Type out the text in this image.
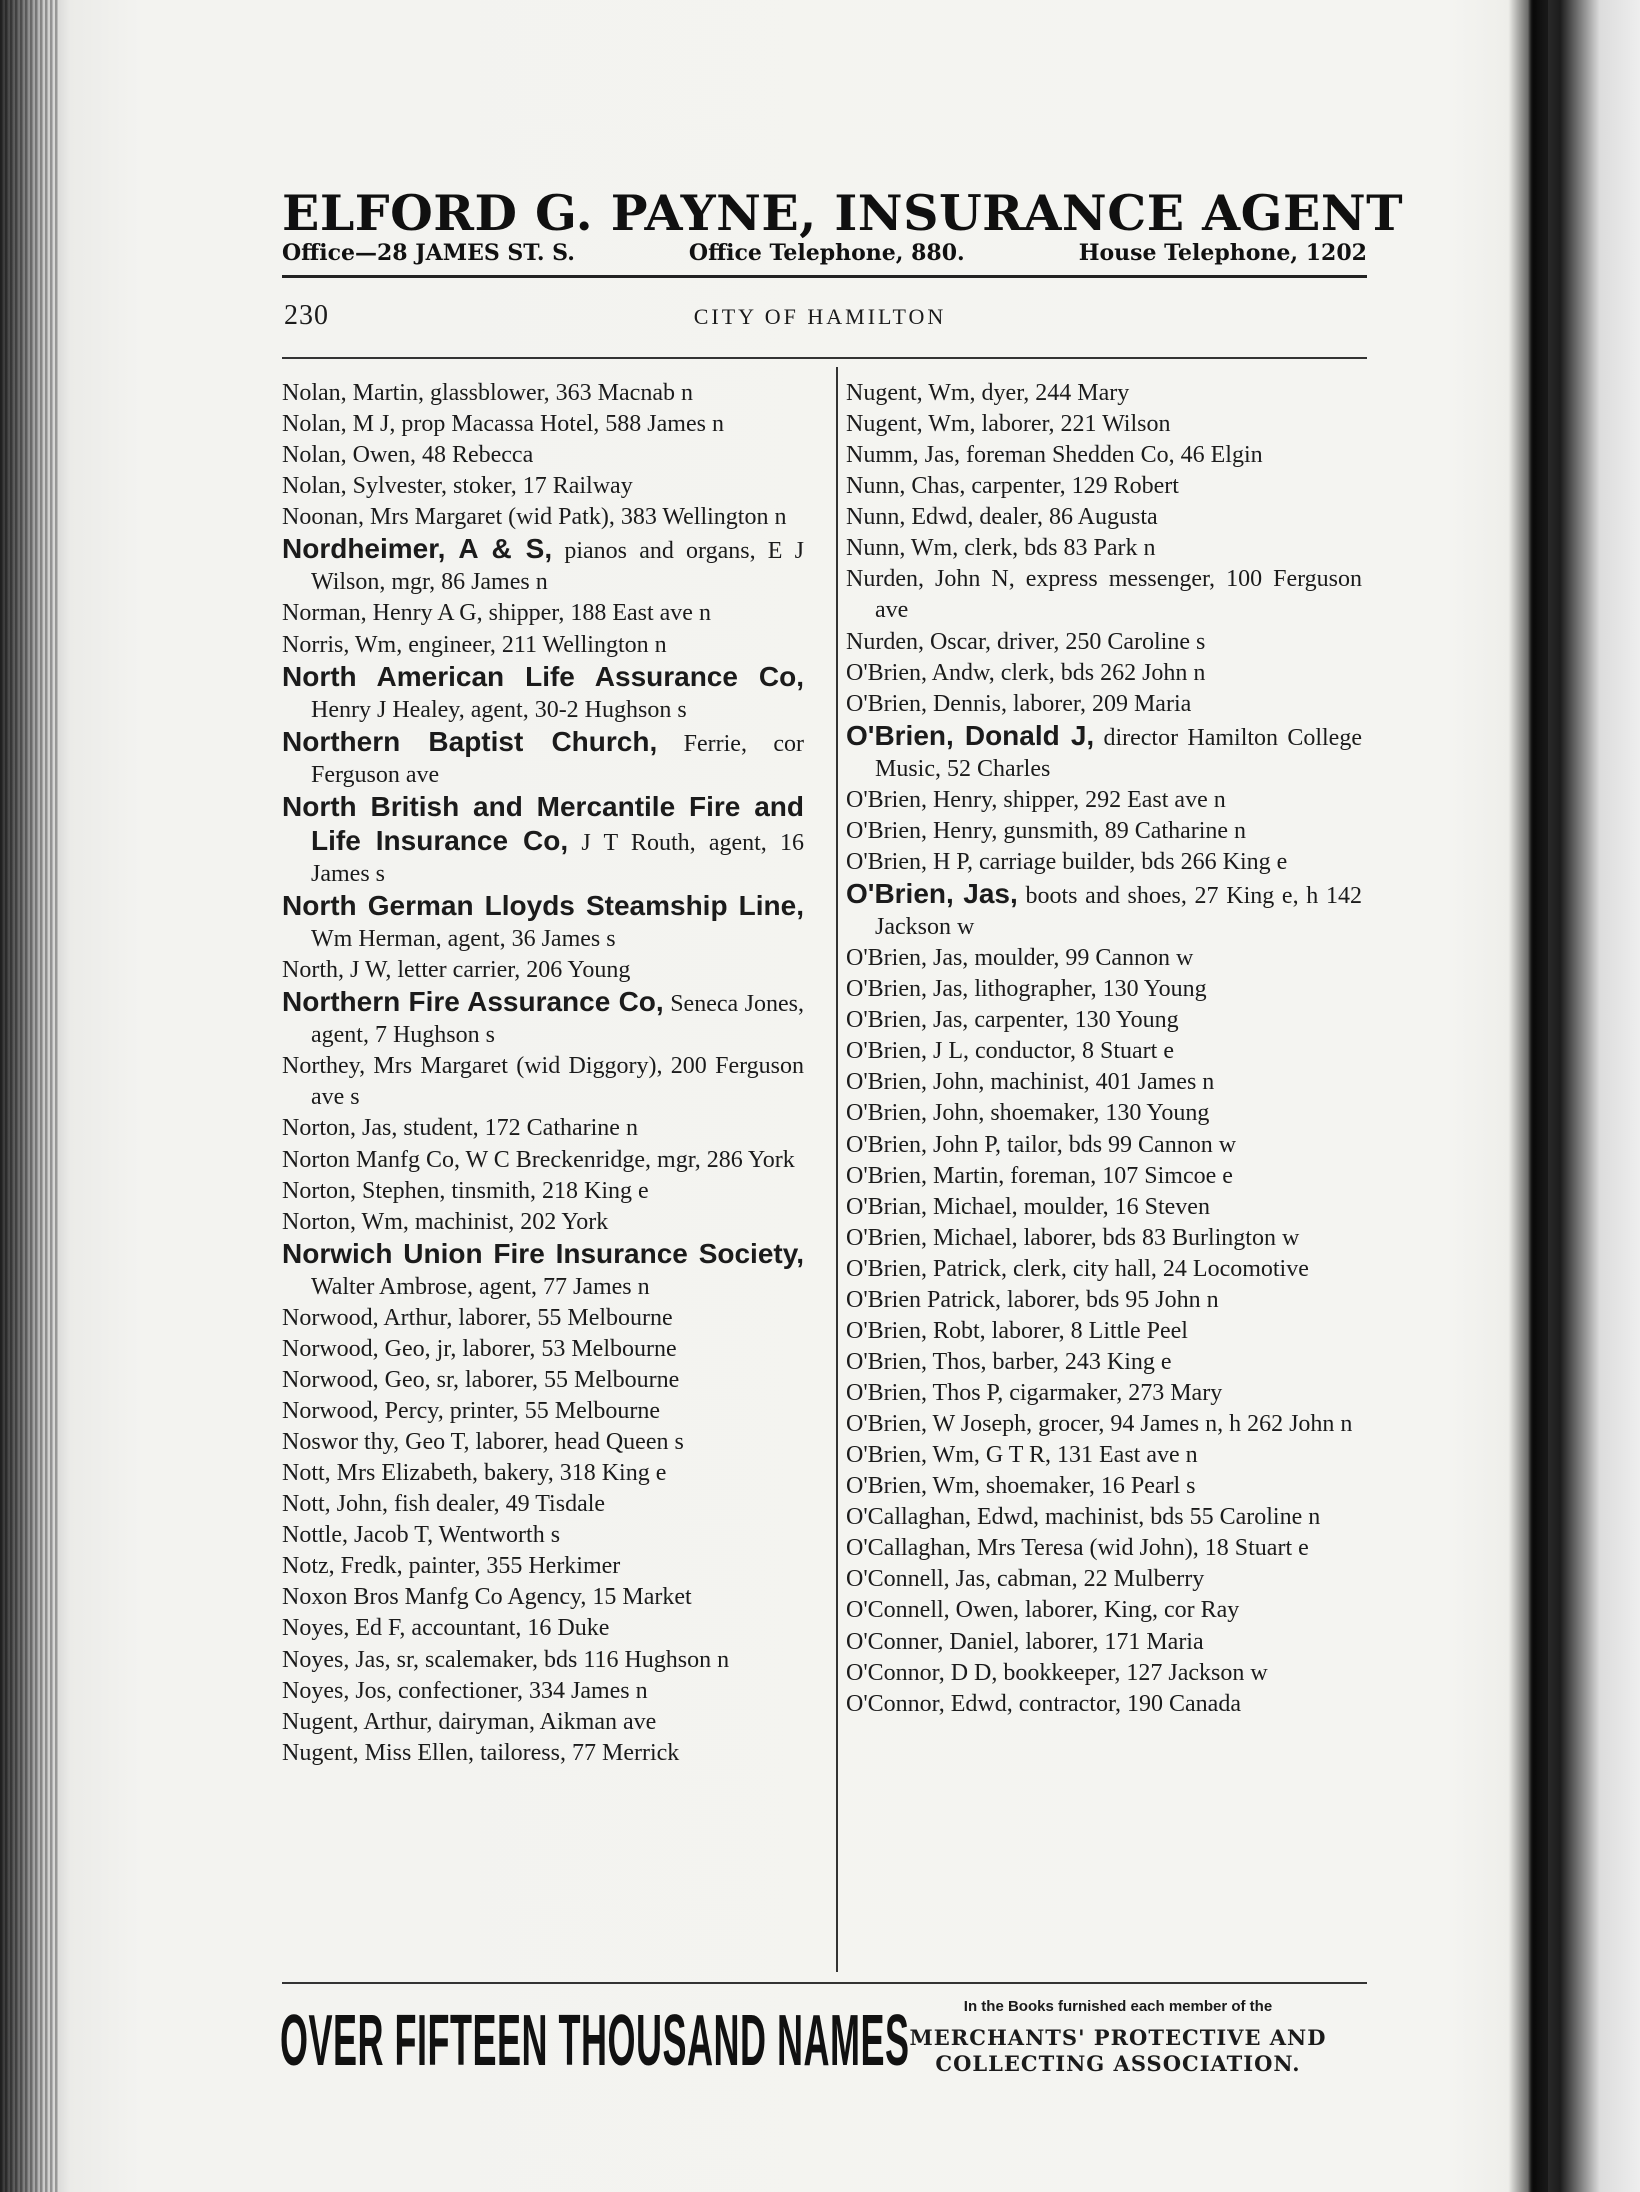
ELFORD G. PAYNE, INSURANCE AGENT
Office—28 JAMES ST. S.	Office Telephone, 880.	House Telephone, 1202
230	CITY OF HAMILTON
Nolan, Martin, glassblower, 363 Macnab n
Nolan, M J, prop Macassa Hotel, 588 James n
Nolan, Owen, 48 Rebecca
Nolan, Sylvester, stoker, 17 Railway
Noonan, Mrs Margaret (wid Patk), 383 Wellington n
Nordheimer, A & S, pianos and organs, E J Wilson, mgr, 86 James n
Norman, Henry A G, shipper, 188 East ave n
Norris, Wm, engineer, 211 Wellington n
North American Life Assurance Co, Henry J Healey, agent, 30-2 Hughson s
Northern Baptist Church, Ferrie, cor Ferguson ave
North British and Mercantile Fire and Life Insurance Co, J T Routh, agent, 16 James s
North German Lloyds Steamship Line, Wm Herman, agent, 36 James s
North, J W, letter carrier, 206 Young
Northern Fire Assurance Co, Seneca Jones, agent, 7 Hughson s
Northey, Mrs Margaret (wid Diggory), 200 Ferguson ave s
Norton, Jas, student, 172 Catharine n
Norton Manfg Co, W C Breckenridge, mgr, 286 York
Norton, Stephen, tinsmith, 218 King e
Norton, Wm, machinist, 202 York
Norwich Union Fire Insurance Society, Walter Ambrose, agent, 77 James n
Norwood, Arthur, laborer, 55 Melbourne
Norwood, Geo, jr, laborer, 53 Melbourne
Norwood, Geo, sr, laborer, 55 Melbourne
Norwood, Percy, printer, 55 Melbourne
Noswor thy, Geo T, laborer, head Queen s
Nott, Mrs Elizabeth, bakery, 318 King e
Nott, John, fish dealer, 49 Tisdale
Nottle, Jacob T, Wentworth s
Notz, Fredk, painter, 355 Herkimer
Noxon Bros Manfg Co Agency, 15 Market
Noyes, Ed F, accountant, 16 Duke
Noyes, Jas, sr, scalemaker, bds 116 Hughson n
Noyes, Jos, confectioner, 334 James n
Nugent, Arthur, dairyman, Aikman ave
Nugent, Miss Ellen, tailoress, 77 Merrick
Nugent, Wm, dyer, 244 Mary
Nugent, Wm, laborer, 221 Wilson
Numm, Jas, foreman Shedden Co, 46 Elgin
Nunn, Chas, carpenter, 129 Robert
Nunn, Edwd, dealer, 86 Augusta
Nunn, Wm, clerk, bds 83 Park n
Nurden, John N, express messenger, 100 Ferguson ave
Nurden, Oscar, driver, 250 Caroline s
O'Brien, Andw, clerk, bds 262 John n
O'Brien, Dennis, laborer, 209 Maria
O'Brien, Donald J, director Hamilton College Music, 52 Charles
O'Brien, Henry, shipper, 292 East ave n
O'Brien, Henry, gunsmith, 89 Catharine n
O'Brien, H P, carriage builder, bds 266 King e
O'Brien, Jas, boots and shoes, 27 King e, h 142 Jackson w
O'Brien, Jas, moulder, 99 Cannon w
O'Brien, Jas, lithographer, 130 Young
O'Brien, Jas, carpenter, 130 Young
O'Brien, J L, conductor, 8 Stuart e
O'Brien, John, machinist, 401 James n
O'Brien, John, shoemaker, 130 Young
O'Brien, John P, tailor, bds 99 Cannon w
O'Brien, Martin, foreman, 107 Simcoe e
O'Brian, Michael, moulder, 16 Steven
O'Brien, Michael, laborer, bds 83 Burlington w
O'Brien, Patrick, clerk, city hall, 24 Locomotive
O'Brien Patrick, laborer, bds 95 John n
O'Brien, Robt, laborer, 8 Little Peel
O'Brien, Thos, barber, 243 King e
O'Brien, Thos P, cigarmaker, 273 Mary
O'Brien, W Joseph, grocer, 94 James n, h 262 John n
O'Brien, Wm, G T R, 131 East ave n
O'Brien, Wm, shoemaker, 16 Pearl s
O'Callaghan, Edwd, machinist, bds 55 Caroline n
O'Callaghan, Mrs Teresa (wid John), 18 Stuart e
O'Connell, Jas, cabman, 22 Mulberry
O'Connell, Owen, laborer, King, cor Ray
O'Conner, Daniel, laborer, 171 Maria
O'Connor, D D, bookkeeper, 127 Jackson w
O'Connor, Edwd, contractor, 190 Canada
OVER FIFTEEN THOUSAND NAMES	In the Books furnished each member of the
MERCHANTS' PROTECTIVE AND
COLLECTING ASSOCIATION.
